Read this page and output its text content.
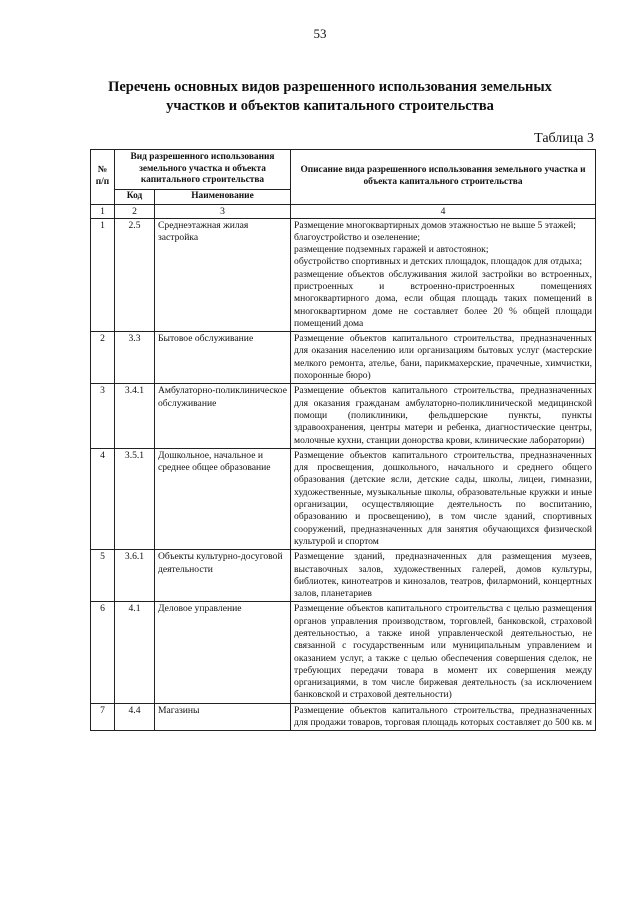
53
Перечень основных видов разрешенного использования земельных
участков и объектов капитального строительства
Таблица 3
№ п/п	Вид разрешенного использования земельного участка и объекта капитального строительства		Описание вида разрешенного использования земельного участка и объекта капитального строительства
	Код	Наименование	
1	2	3	4
1	2.5	Среднеэтажная жилая застройка	Размещение многоквартирных домов этажностью не выше 5 этажей;
благоустройство и озеленение;
размещение подземных гаражей и автостоянок;
обустройство спортивных и детских площадок, площадок для отдыха;
размещение объектов обслуживания жилой застройки во встроенных, пристроенных и встроенно-пристроенных помещениях многоквартирного дома, если общая площадь таких помещений в многоквартирном доме не составляет более 20 % общей площади помещений дома

2	3.3	Бытовое обслуживание	Размещение объектов капитального строительства, предназначенных для оказания населению или организациям бытовых услуг (мастерские мелкого ремонта, ателье, бани, парикмахерские, прачечные, химчистки, похоронные бюро)

3	3.4.1	Амбулаторно-поликлиническое обслуживание	Размещение объектов капитального строительства, предназначенных для оказания гражданам амбулаторно-поликлинической медицинской помощи (поликлиники, фельдшерские пункты, пункты здравоохранения, центры матери и ребенка, диагностические центры, молочные кухни, станции донорства крови, клинические лаборатории)

4	3.5.1	Дошкольное, начальное и среднее общее образование	Размещение объектов капитального строительства, предназначенных для просвещения, дошкольного, начального и среднего общего образования (детские ясли, детские сады, школы, лицеи, гимназии, художественные, музыкальные школы, образовательные кружки и иные организации, осуществляющие деятельность по воспитанию, образованию и просвещению), в том числе зданий, спортивных сооружений, предназначенных для занятия обучающихся физической культурой и спортом

5	3.6.1	Объекты культурно-досуговой деятельности	Размещение зданий, предназначенных для размещения музеев, выставочных залов, художественных галерей, домов культуры, библиотек, кинотеатров и кинозалов, театров, филармоний, концертных залов, планетариев

6	4.1	Деловое управление	Размещение объектов капитального строительства с целью размещения органов управления производством, торговлей, банковской, страховой деятельностью, а также иной управленческой деятельностью, не связанной с государственным или муниципальным управлением и оказанием услуг, а также с целью обеспечения совершения сделок, не требующих передачи товара в момент их совершения между организациями, в том числе биржевая деятельность (за исключением банковской и страховой деятельности)

7	4.4	Магазины	Размещение объектов капитального строительства, предназначенных для продажи товаров, торговая площадь которых составляет до 500 кв. м
